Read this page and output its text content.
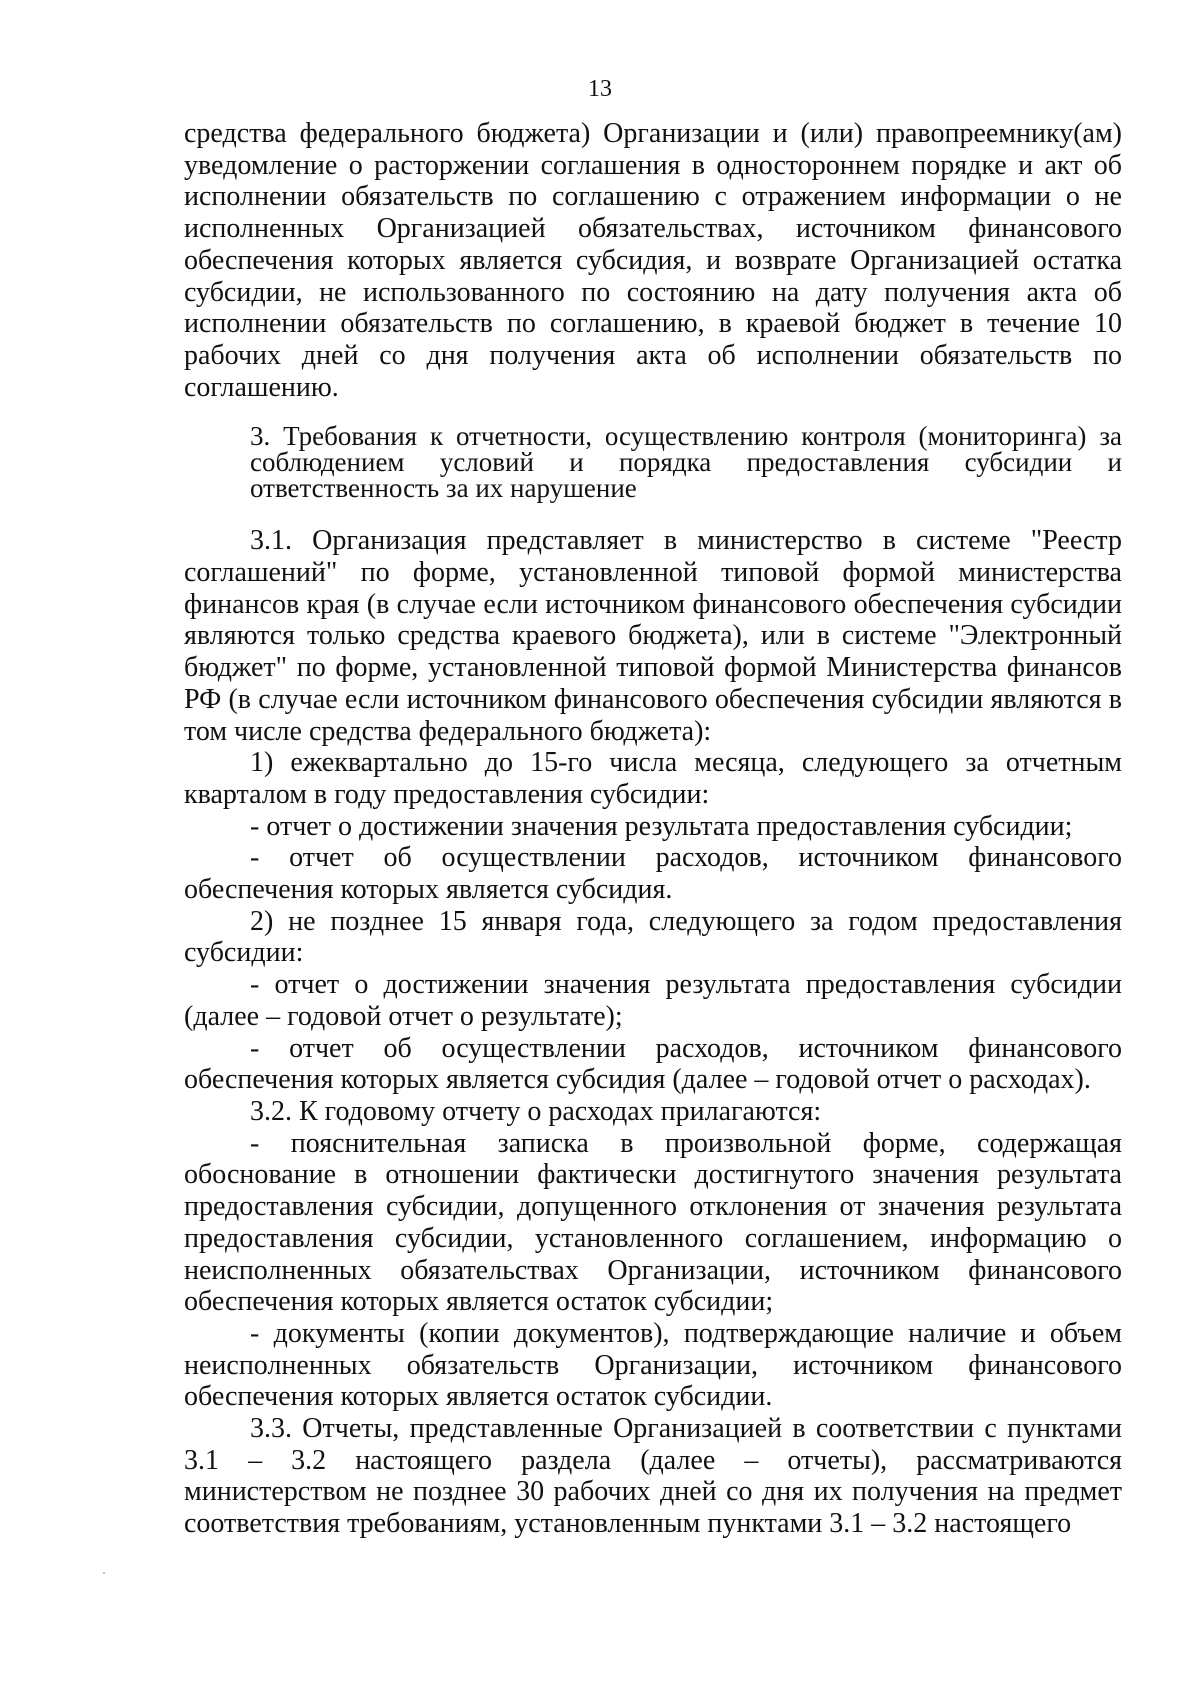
13

средства федерального бюджета) Организации и (или) правопреемнику(ам) уведомление о расторжении соглашения в одностороннем порядке и акт об исполнении обязательств по соглашению с отражением информации о не исполненных Организацией обязательствах, источником финансового обеспечения которых является субсидия, и возврате Организацией остатка субсидии, не использованного по состоянию на дату получения акта об исполнении обязательств по соглашению, в краевой бюджет в течение 10 рабочих дней со дня получения акта об исполнении обязательств по соглашению.

3. Требования к отчетности, осуществлению контроля (мониторинга) за соблюдением условий и порядка предоставления субсидии и ответственность за их нарушение

3.1. Организация представляет в министерство в системе "Реестр соглашений" по форме, установленной типовой формой министерства финансов края (в случае если источником финансового обеспечения субсидии являются только средства краевого бюджета), или в системе "Электронный бюджет" по форме, установленной типовой формой Министерства финансов РФ (в случае если источником финансового обеспечения субсидии являются в том числе средства федерального бюджета):

1) ежеквартально до 15-го числа месяца, следующего за отчетным кварталом в году предоставления субсидии:

- отчет о достижении значения результата предоставления субсидии;

- отчет об осуществлении расходов, источником финансового обеспечения которых является субсидия.

2) не позднее 15 января года, следующего за годом предоставления субсидии:

- отчет о достижении значения результата предоставления субсидии (далее – годовой отчет о результате);

- отчет об осуществлении расходов, источником финансового обеспечения которых является субсидия (далее – годовой отчет о расходах).

3.2. К годовому отчету о расходах прилагаются:

- пояснительная записка в произвольной форме, содержащая обоснование в отношении фактически достигнутого значения результата предоставления субсидии, допущенного отклонения от значения результата предоставления субсидии, установленного соглашением, информацию о неисполненных обязательствах Организации, источником финансового обеспечения которых является остаток субсидии;

- документы (копии документов), подтверждающие наличие и объем неисполненных обязательств Организации, источником финансового обеспечения которых является остаток субсидии.

3.3. Отчеты, представленные Организацией в соответствии с пунктами 3.1 – 3.2 настоящего раздела (далее – отчеты), рассматриваются министерством не позднее 30 рабочих дней со дня их получения на предмет соответствия требованиям, установленным пунктами 3.1 – 3.2 настоящего
